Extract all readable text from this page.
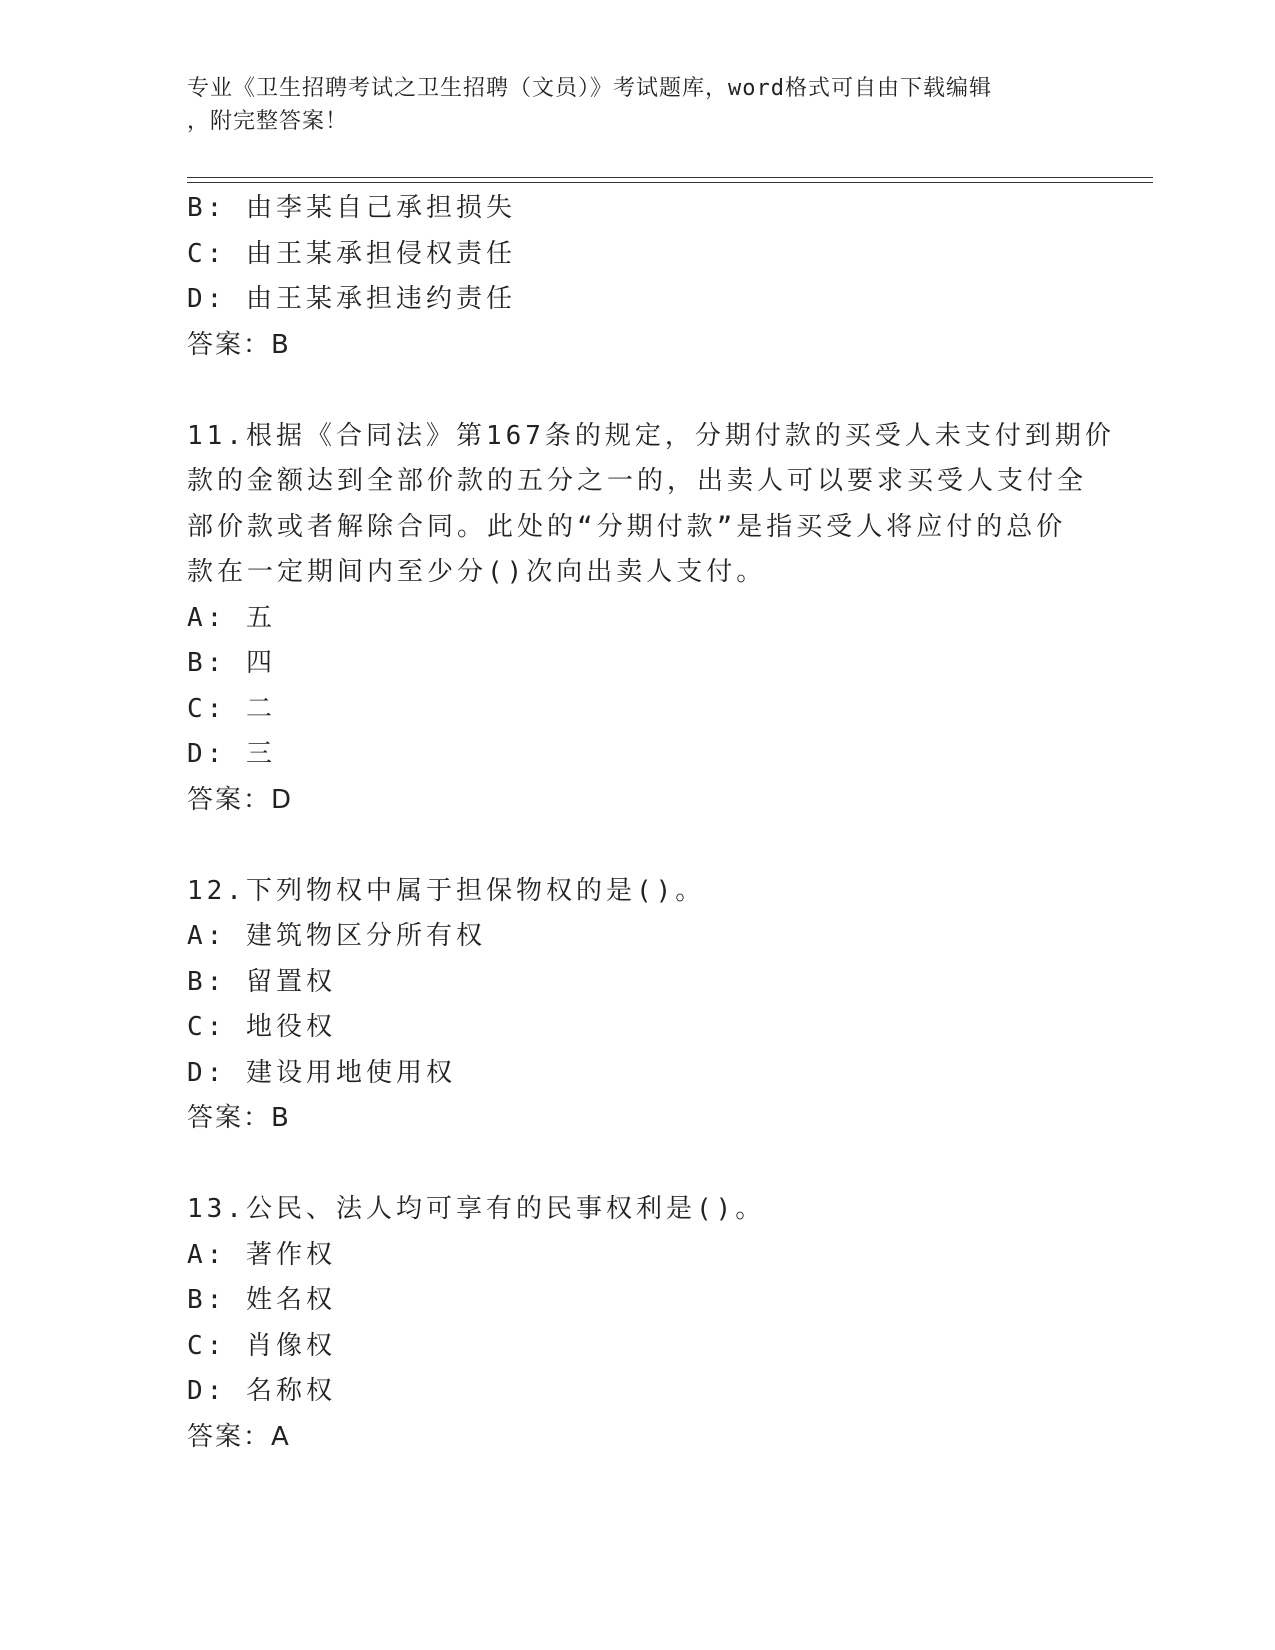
专业《卫生招聘考试之卫生招聘（文员）》考试题库，word格式可自由下载编辑
，附完整答案！
B: 由李某自己承担损失
C: 由王某承担侵权责任
D: 由王某承担违约责任
答案：B
11.根据《合同法》第167条的规定，分期付款的买受人未支付到期价
款的金额达到全部价款的五分之一的，出卖人可以要求买受人支付全
部价款或者解除合同。此处的“分期付款”是指买受人将应付的总价
款在一定期间内至少分()次向出卖人支付。
A: 五
B: 四
C: 二
D: 三
答案：D
12.下列物权中属于担保物权的是()。
A: 建筑物区分所有权
B: 留置权
C: 地役权
D: 建设用地使用权
答案：B
13.公民、法人均可享有的民事权利是()。
A: 著作权
B: 姓名权
C: 肖像权
D: 名称权
答案：A
